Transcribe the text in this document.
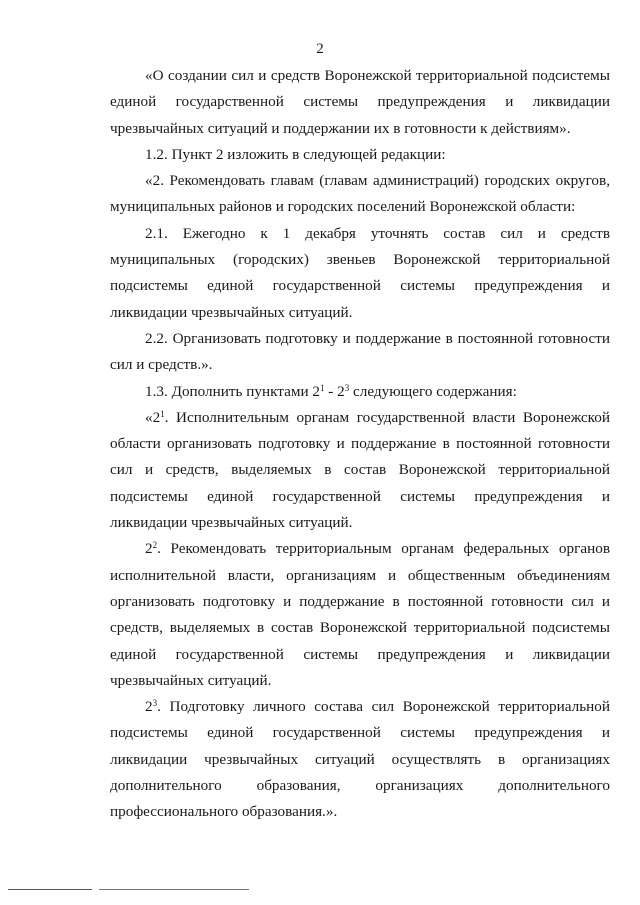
2

«О создании сил и средств Воронежской территориальной подсистемы единой государственной системы предупреждения и ликвидации чрезвычайных ситуаций и поддержании их в готовности к действиям».

1.2. Пункт 2 изложить в следующей редакции:

«2. Рекомендовать главам (главам администраций) городских округов, муниципальных районов и городских поселений Воронежской области:

2.1. Ежегодно к 1 декабря уточнять состав сил и средств муниципальных (городских) звеньев Воронежской территориальной подсистемы единой государственной системы предупреждения и ликвидации чрезвычайных ситуаций.

2.2. Организовать подготовку и поддержание в постоянной готовности сил и средств.».

1.3. Дополнить пунктами $2^1 - 2^3$ следующего содержания:

«$2^1$. Исполнительным органам государственной власти Воронежской области организовать подготовку и поддержание в постоянной готовности сил и средств, выделяемых в состав Воронежской территориальной подсистемы единой государственной системы предупреждения и ликвидации чрезвычайных ситуаций.

$2^2$. Рекомендовать территориальным органам федеральных органов исполнительной власти, организациям и общественным объединениям организовать подготовку и поддержание в постоянной готовности сил и средств, выделяемых в состав Воронежской территориальной подсистемы единой государственной системы предупреждения и ликвидации чрезвычайных ситуаций.

$2^3$. Подготовку личного состава сил Воронежской территориальной подсистемы единой государственной системы предупреждения и ликвидации чрезвычайных ситуаций осуществлять в организациях дополнительного образования, организациях дополнительного профессионального образования.».
